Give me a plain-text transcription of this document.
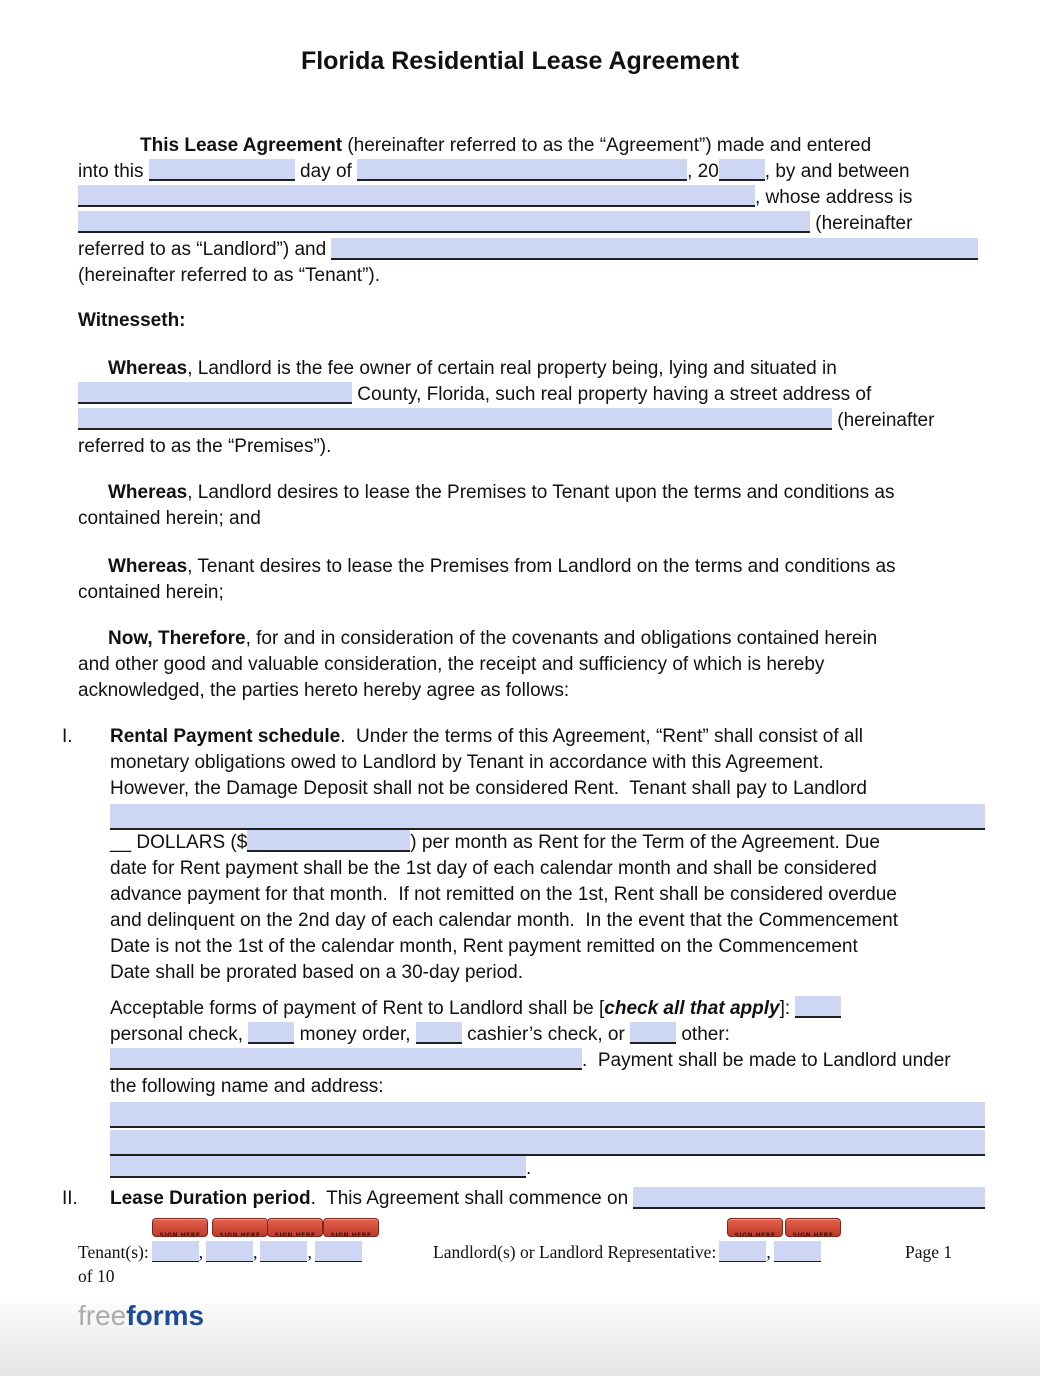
Florida Residential Lease Agreement
This Lease Agreement (hereinafter referred to as the “Agreement”) made and entered
into this	day of	, 20 , by and between
, whose address is
(hereinafter
referred to as “Landlord”) and
(hereinafter referred to as “Tenant”).
Witnesseth:
Whereas, Landlord is the fee owner of certain real property being, lying and situated in
County, Florida, such real property having a street address of
(hereinafter
referred to as the “Premises”).
Whereas, Landlord desires to lease the Premises to Tenant upon the terms and conditions as
contained herein; and
Whereas, Tenant desires to lease the Premises from Landlord on the terms and conditions as
contained herein;
Now, Therefore, for and in consideration of the covenants and obligations contained herein
and other good and valuable consideration, the receipt and sufficiency of which is hereby
acknowledged, the parties hereto hereby agree as follows:
I. Rental Payment schedule.  Under the terms of this Agreement, “Rent” shall consist of all
monetary obligations owed to Landlord by Tenant in accordance with this Agreement.
However, the Damage Deposit shall not be considered Rent.  Tenant shall pay to Landlord
__ DOLLARS ($	) per month as Rent for the Term of the Agreement. Due
date for Rent payment shall be the 1st day of each calendar month and shall be considered
advance payment for that month.  If not remitted on the 1st, Rent shall be considered overdue
and delinquent on the 2nd day of each calendar month.  In the event that the Commencement
Date is not the 1st of the calendar month, Rent payment remitted on the Commencement
Date shall be prorated based on a 30-day period.
Acceptable forms of payment of Rent to Landlord shall be [check all that apply]:
personal check,  money order,  cashier’s check, or  other:
.  Payment shall be made to Landlord under
the following name and address:
.
II. Lease Duration period .  This Agreement shall commence on
SIGN HERE	SIGN HERE	SIGN HERE	SIGN HERE	SIGN HERE	SIGN HERE
Tenant(s):	,	,	,	Landlord(s) or Landlord Representative:	,	Page 1
of 10
freeforms
